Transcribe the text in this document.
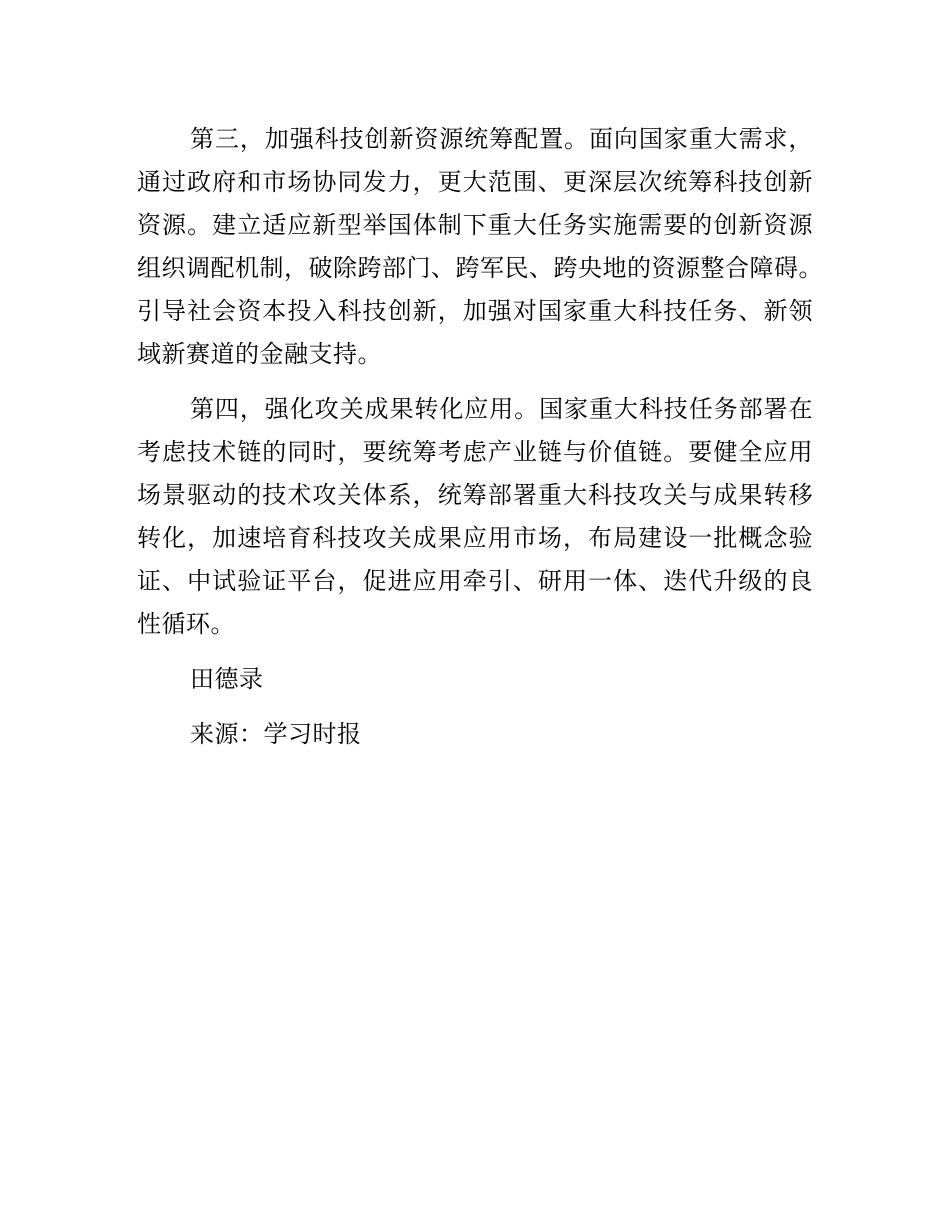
第三，加强科技创新资源统筹配置。面向国家重大需求，
通过政府和市场协同发力，更大范围、更深层次统筹科技创新
资源。建立适应新型举国体制下重大任务实施需要的创新资源
组织调配机制，破除跨部门、跨军民、跨央地的资源整合障碍。
引导社会资本投入科技创新，加强对国家重大科技任务、新领
域新赛道的金融支持。

第四，强化攻关成果转化应用。国家重大科技任务部署在
考虑技术链的同时，要统筹考虑产业链与价值链。要健全应用
场景驱动的技术攻关体系，统筹部署重大科技攻关与成果转移
转化，加速培育科技攻关成果应用市场，布局建设一批概念验
证、中试验证平台，促进应用牵引、研用一体、迭代升级的良
性循环。

田德录

来源：学习时报
